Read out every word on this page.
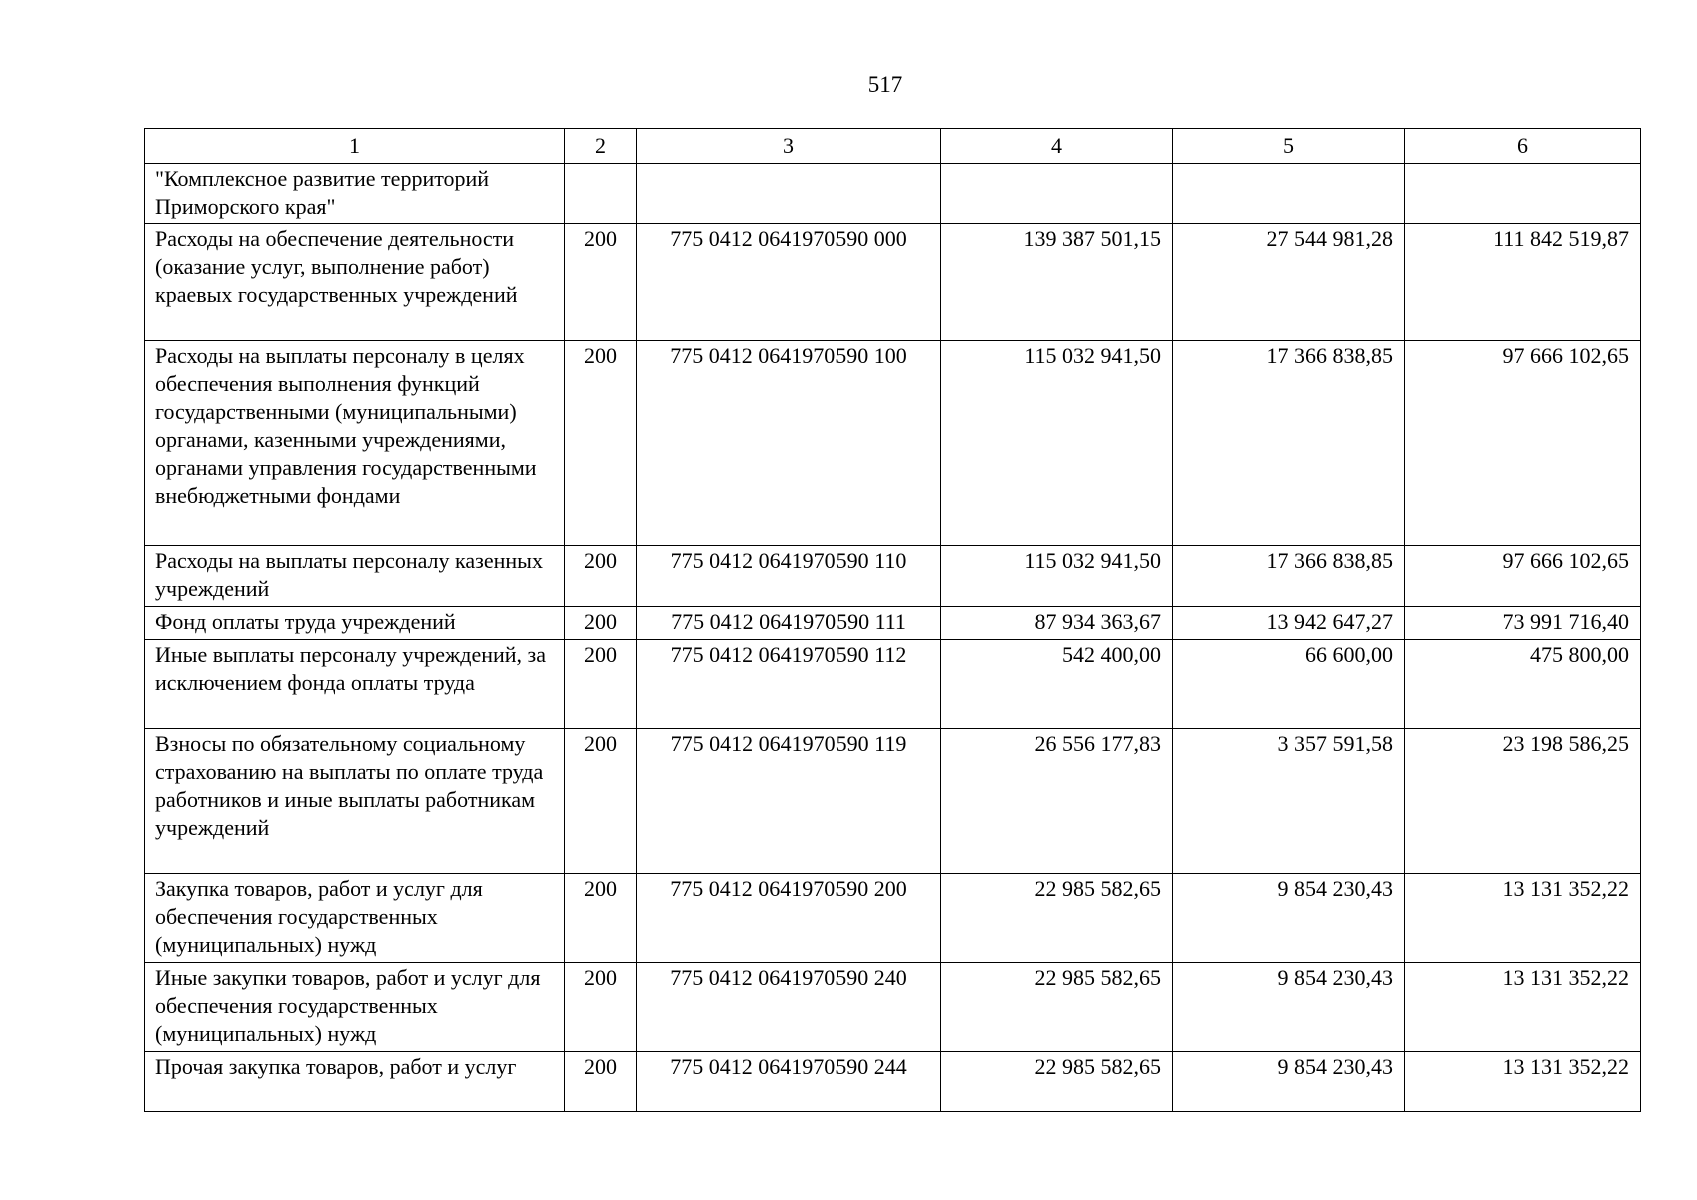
517
1	2	3	4	5	6
"Комплексное развитие территорий Приморского края"					
Расходы на обеспечение деятельности (оказание услуг, выполнение работ) краевых государственных учреждений	200	775 0412 0641970590 000	139 387 501,15	27 544 981,28	111 842 519,87
Расходы на выплаты персоналу в целях обеспечения выполнения функций государственными (муниципальными) органами, казенными учреждениями, органами управления государственными внебюджетными фондами	200	775 0412 0641970590 100	115 032 941,50	17 366 838,85	97 666 102,65
Расходы на выплаты персоналу казенных учреждений	200	775 0412 0641970590 110	115 032 941,50	17 366 838,85	97 666 102,65
Фонд оплаты труда учреждений	200	775 0412 0641970590 111	87 934 363,67	13 942 647,27	73 991 716,40
Иные выплаты персоналу учреждений, за исключением фонда оплаты труда	200	775 0412 0641970590 112	542 400,00	66 600,00	475 800,00
Взносы по обязательному социальному страхованию на выплаты по оплате труда работников и иные выплаты работникам учреждений	200	775 0412 0641970590 119	26 556 177,83	3 357 591,58	23 198 586,25
Закупка товаров, работ и услуг для обеспечения государственных (муниципальных) нужд	200	775 0412 0641970590 200	22 985 582,65	9 854 230,43	13 131 352,22
Иные закупки товаров, работ и услуг для обеспечения государственных (муниципальных) нужд	200	775 0412 0641970590 240	22 985 582,65	9 854 230,43	13 131 352,22
Прочая закупка товаров, работ и услуг	200	775 0412 0641970590 244	22 985 582,65	9 854 230,43	13 131 352,22
